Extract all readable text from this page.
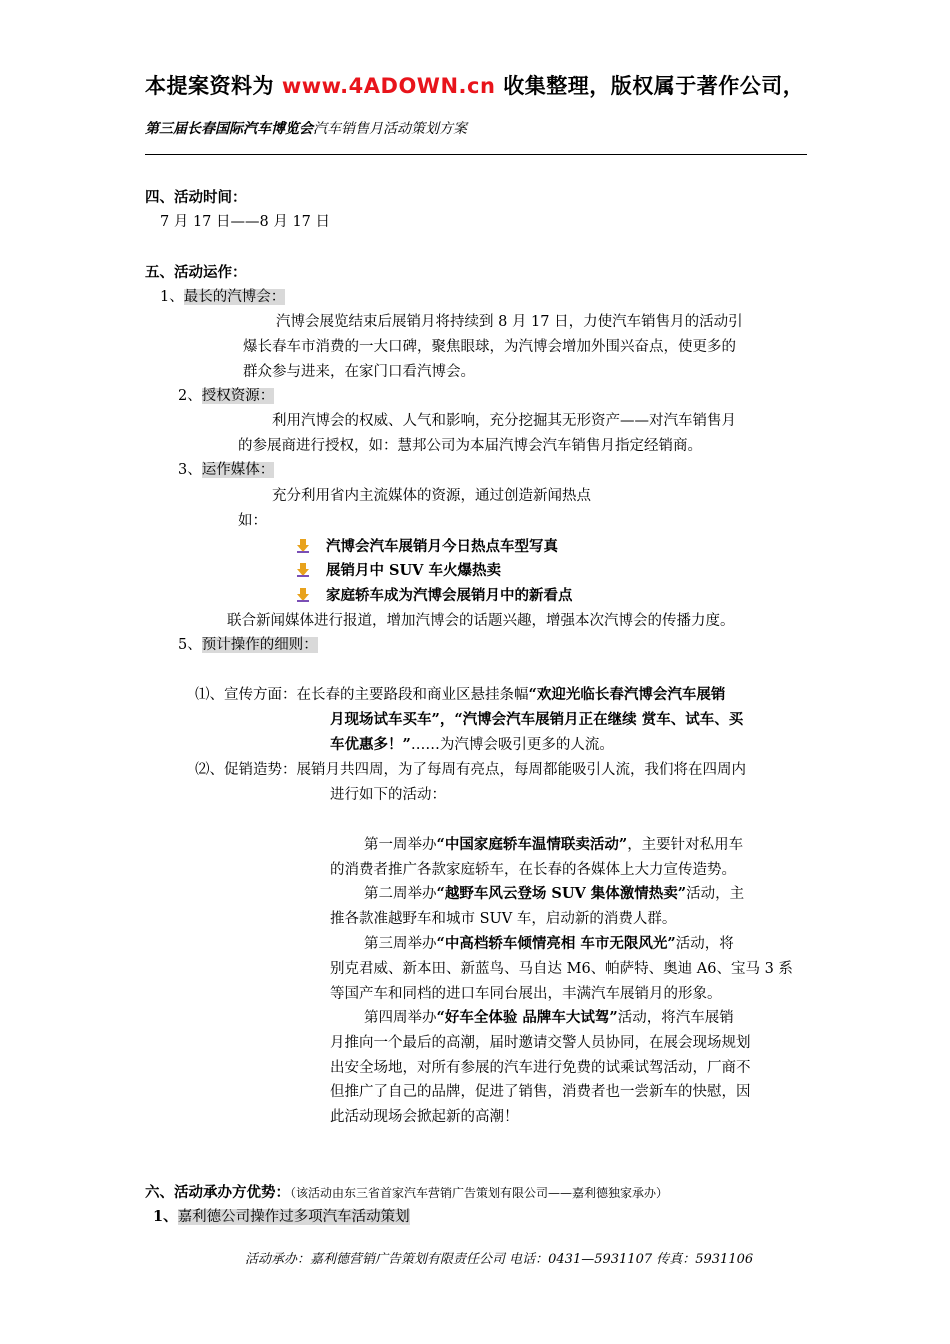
本提案资料为 www.4ADOWN.cn 收集整理，版权属于著作公司，
第三届长春国际汽车博览会汽车销售月活动策划方案
四、活动时间：
7 月 17 日——8 月 17 日
五、活动运作：
1、最长的汽博会：
汽博会展览结束后展销月将持续到 8 月 17 日，力使汽车销售月的活动引
爆长春车市消费的一大口碑，聚焦眼球，为汽博会增加外围兴奋点，使更多的
群众参与进来，在家门口看汽博会。
2、授权资源：
利用汽博会的权威、人气和影响，充分挖掘其无形资产——对汽车销售月
的参展商进行授权，如：慧邦公司为本届汽博会汽车销售月指定经销商。
3、运作媒体：
充分利用省内主流媒体的资源，通过创造新闻热点
如：
汽博会汽车展销月今日热点车型写真
展销月中 SUV 车火爆热卖
家庭轿车成为汽博会展销月中的新看点
联合新闻媒体进行报道，增加汽博会的话题兴趣，增强本次汽博会的传播力度。
5、预计操作的细则：
⑴、宣传方面：在长春的主要路段和商业区悬挂条幅“欢迎光临长春汽博会汽车展销
月现场试车买车”，“汽博会汽车展销月正在继续 赏车、试车、买
车优惠多！”……为汽博会吸引更多的人流。
⑵、促销造势：展销月共四周，为了每周有亮点，每周都能吸引人流，我们将在四周内
进行如下的活动：
第一周举办“中国家庭轿车温情联卖活动”，主要针对私用车
的消费者推广各款家庭轿车，在长春的各媒体上大力宣传造势。
第二周举办“越野车风云登场 SUV 集体激情热卖”活动，主
推各款准越野车和城市 SUV 车，启动新的消费人群。
第三周举办“中高档轿车倾情亮相 车市无限风光”活动，将
别克君威、新本田、新蓝鸟、马自达 M6、帕萨特、奥迪 A6、宝马 3 系
等国产车和同档的进口车同台展出，丰满汽车展销月的形象。
第四周举办“好车全体验 品牌车大试驾”活动，将汽车展销
月推向一个最后的高潮，届时邀请交警人员协同，在展会现场规划
出安全场地，对所有参展的汽车进行免费的试乘试驾活动，厂商不
但推广了自己的品牌，促进了销售，消费者也一尝新车的快慰，因
此活动现场会掀起新的高潮！
六、活动承办方优势：（该活动由东三省首家汽车营销广告策划有限公司——嘉利德独家承办）
1、嘉利德公司操作过多项汽车活动策划
活动承办：嘉利德营销广告策划有限责任公司 电话：0431—5931107 传真：5931106
